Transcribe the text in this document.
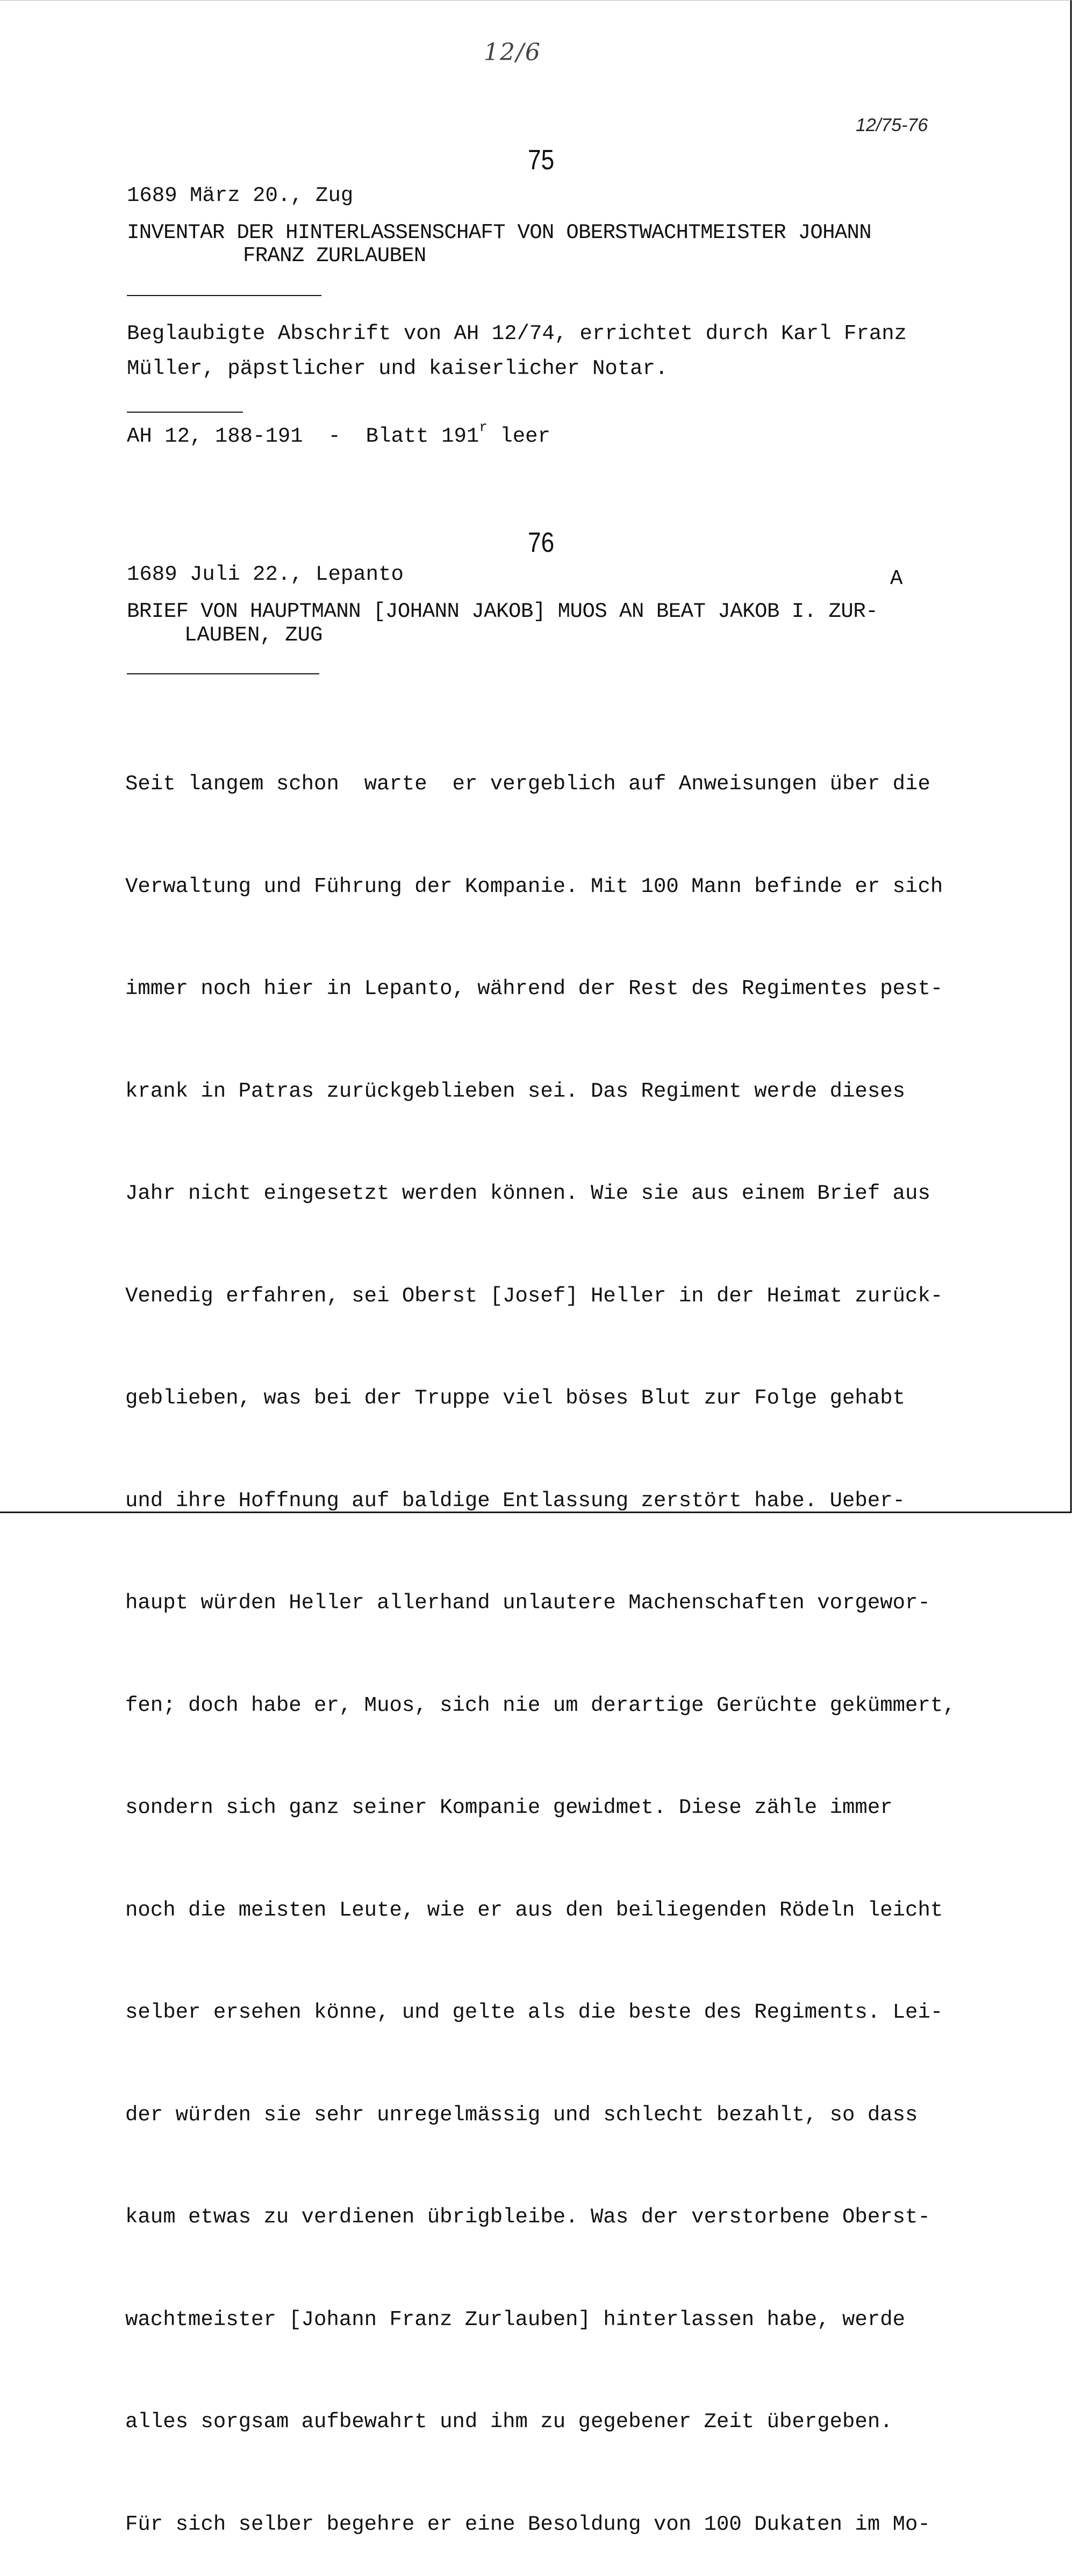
12/6
12/75-76
75
1689 März 20., Zug
INVENTAR DER HINTERLASSENSCHAFT VON OBERSTWACHTMEISTER JOHANN
FRANZ ZURLAUBEN
Beglaubigte Abschrift von AH 12/74, errichtet durch Karl Franz
Müller, päpstlicher und kaiserlicher Notar.
AH 12, 188-191  -  Blatt 191$^r$ leer
76
1689 Juli 22., Lepanto	A
BRIEF VON HAUPTMANN [JOHANN JAKOB] MUOS AN BEAT JAKOB I. ZUR-
LAUBEN, ZUG

Seit langem schon  warte  er vergeblich auf Anweisungen über die

Verwaltung und Führung der Kompanie. Mit 100 Mann befinde er sich

immer noch hier in Lepanto, während der Rest des Regimentes pest-

krank in Patras zurückgeblieben sei. Das Regiment werde dieses

Jahr nicht eingesetzt werden können. Wie sie aus einem Brief aus

Venedig erfahren, sei Oberst [Josef] Heller in der Heimat zurück-

geblieben, was bei der Truppe viel böses Blut zur Folge gehabt

und ihre Hoffnung auf baldige Entlassung zerstört habe. Ueber-

haupt würden Heller allerhand unlautere Machenschaften vorgewor-

fen; doch habe er, Muos, sich nie um derartige Gerüchte gekümmert,

sondern sich ganz seiner Kompanie gewidmet. Diese zähle immer

noch die meisten Leute, wie er aus den beiliegenden Rödeln leicht

selber ersehen könne, und gelte als die beste des Regiments. Lei-

der würden sie sehr unregelmässig und schlecht bezahlt, so dass

kaum etwas zu verdienen übrigbleibe. Was der verstorbene Oberst-

wachtmeister [Johann Franz Zurlauben] hinterlassen habe, werde

alles sorgsam aufbewahrt und ihm zu gegebener Zeit übergeben.

Für sich selber begehre er eine Besoldung von 100 Dukaten im Mo-
